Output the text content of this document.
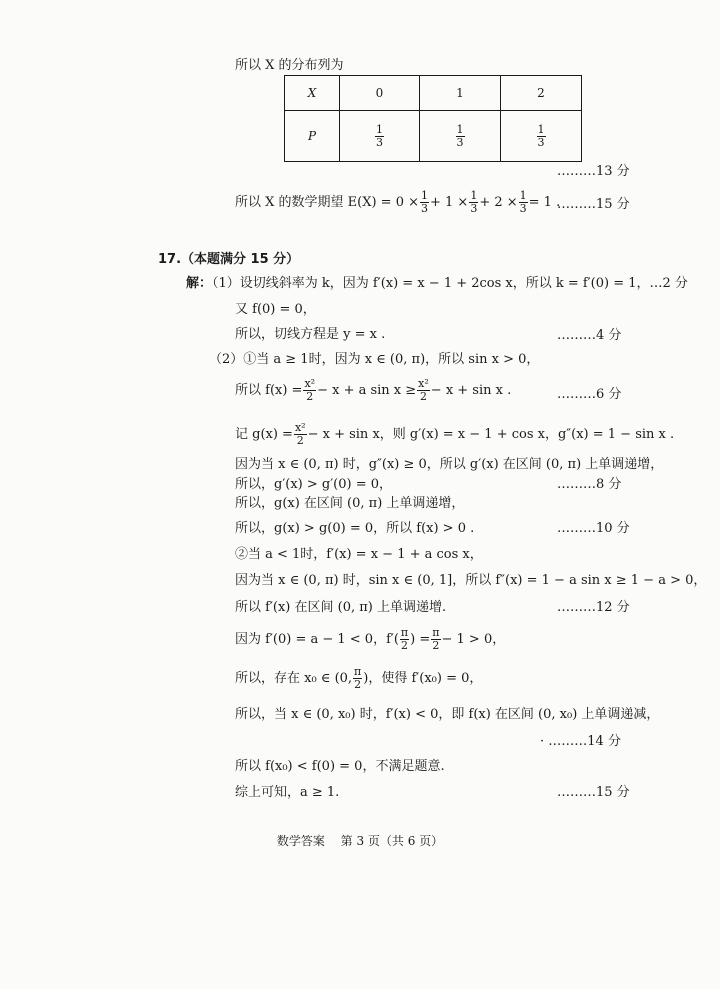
所以 X 的分布列为
X	0	1	2
P	$\frac{1}{3}$	$\frac{1}{3}$	$\frac{1}{3}$
………13 分
所以 X 的数学期望 $E(X) = 0 \times \frac{1}{3} + 1 \times \frac{1}{3} + 2 \times \frac{1}{3} = 1$ .
………15 分
17.（本题满分 15 分）
解：（1）设切线斜率为 k，因为 f′(x) = x − 1 + 2cos x，所以 k = f′(0) = 1，…2 分
又 f(0) = 0，
所以，切线方程是 y = x .	………4 分
（2）①当 a ≥ 1时，因为 x ∈ (0, π)，所以 sin x > 0，
所以 $f(x) = \frac{\text{x²}}{2} - x + a$ $\sin x \ge \frac{\text{x²}}{2} - x + \sin x$ .	………6 分
记 $g(x) = \frac{\text{x²}}{2} - x + \sin x$，则 g′(x) = x − 1 + cos x，g″(x) = 1 − sin x .
因为当 x ∈ (0, π) 时，g″(x) ≥ 0，所以 g′(x) 在区间 (0, π) 上单调递增，
所以，g′(x) > g′(0) = 0，	………8 分
所以，g(x) 在区间 (0, π) 上单调递增，
所以，g(x) > g(0) = 0，所以 f(x) > 0 .	………10 分
②当 a < 1时，f′(x) = x − 1 + a cos x，
因为当 x ∈ (0, π) 时，sin x ∈ (0, 1]，所以 f″(x) = 1 − a sin x ≥ 1 − a > 0，
所以 f′(x) 在区间 (0, π) 上单调递增.	………12 分
因为 f′(0) = a − 1 < 0，$f'( \frac{\pi}{2}$ ) = $\frac{\pi}{2} - 1 > 0$，
所以，存在 x₀ ∈ (0, $\frac{\pi}{2}$ )，使得 f′(x₀) = 0，
所以，当 x ∈ (0, x₀) 时，f′(x) < 0，即 f(x) 在区间 (0, x₀) 上单调递减，
· ………14 分
所以 f(x₀) < f(0) = 0，不满足题意.
综上可知，a ≥ 1.	………15 分
数学答案　 第 3 页（共 6 页）
